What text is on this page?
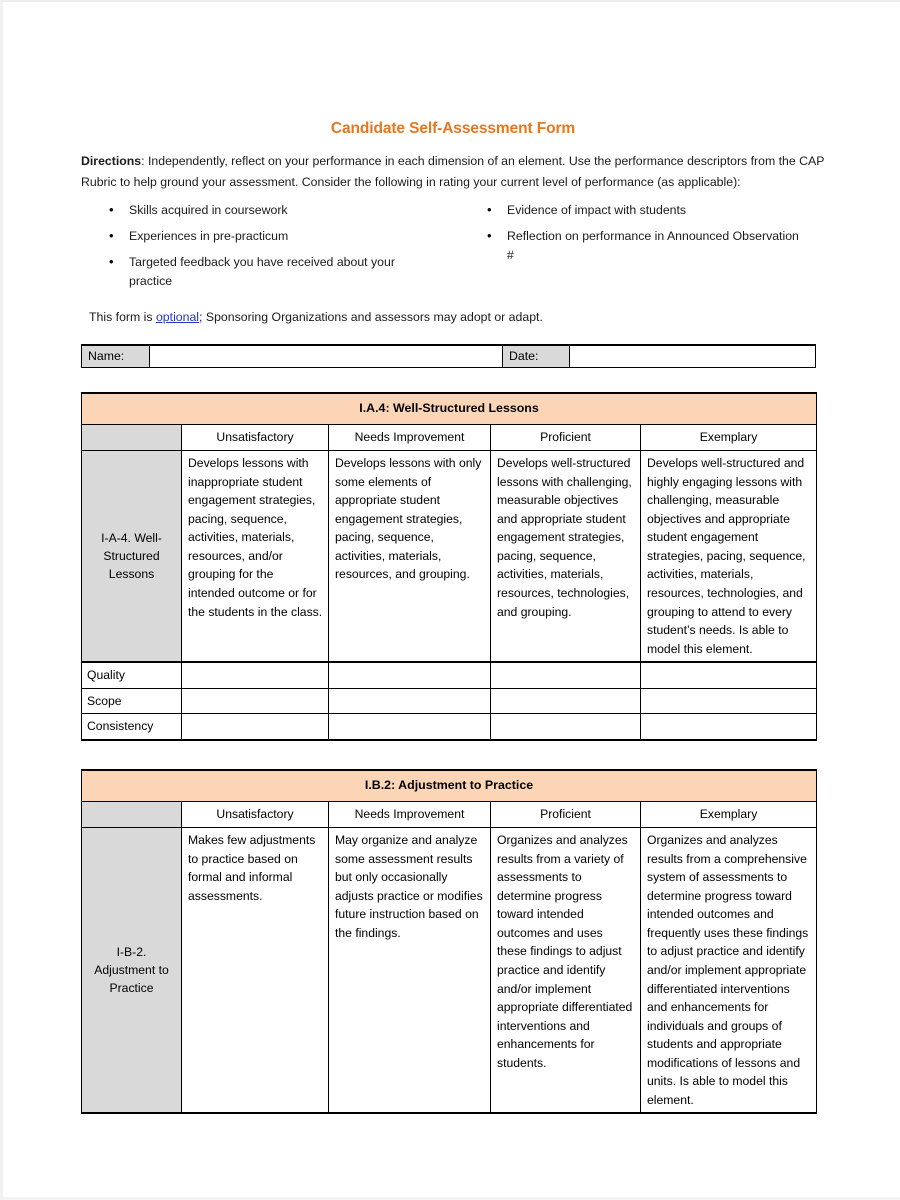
Candidate Self-Assessment Form
Directions: Independently, reflect on your performance in each dimension of an element. Use the performance descriptors from the CAP Rubric to help ground your assessment. Consider the following in rating your current level of performance (as applicable):
• Skills acquired in coursework
• Experiences in pre-practicum
• Targeted feedback you have received about your practice
• Evidence of impact with students
• Reflection on performance in Announced Observation #
This form is optional; Sponsoring Organizations and assessors may adopt or adapt.
Name:	Date:
I.A.4: Well-Structured Lessons				
	Unsatisfactory	Needs Improvement	Proficient	Exemplary
I-A-4. Well-Structured Lessons	Develops lessons with inappropriate student engagement strategies, pacing, sequence, activities, materials, resources, and/or grouping for the intended outcome or for the students in the class.	Develops lessons with only some elements of appropriate student engagement strategies, pacing, sequence, activities, materials, resources, and grouping.	Develops well-structured lessons with challenging, measurable objectives and appropriate student engagement strategies, pacing, sequence, activities, materials, resources, technologies, and grouping.	Develops well-structured and highly engaging lessons with challenging, measurable objectives and appropriate student engagement strategies, pacing, sequence, activities, materials, resources, technologies, and grouping to attend to every student’s needs. Is able to model this element.
Quality				
Scope				
Consistency				
I.B.2: Adjustment to Practice				
	Unsatisfactory	Needs Improvement	Proficient	Exemplary
I-B-2. Adjustment to Practice	Makes few adjustments to practice based on formal and informal assessments.	May organize and analyze some assessment results but only occasionally adjusts practice or modifies future instruction based on the findings.	Organizes and analyzes results from a variety of assessments to determine progress toward intended outcomes and uses these findings to adjust practice and identify and/or implement appropriate differentiated interventions and enhancements for students.	Organizes and analyzes results from a comprehensive system of assessments to determine progress toward intended outcomes and frequently uses these findings to adjust practice and identify and/or implement appropriate differentiated interventions and enhancements for individuals and groups of students and appropriate modifications of lessons and units. Is able to model this element.
